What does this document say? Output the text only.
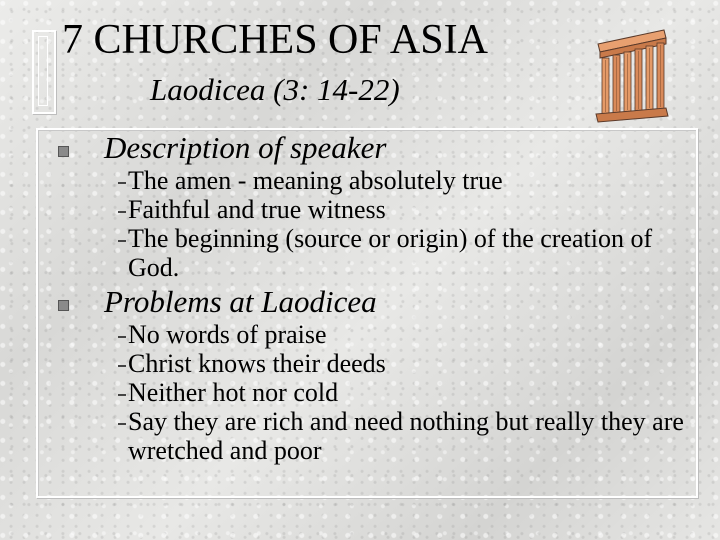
7 CHURCHES OF ASIA
Laodicea (3: 14-22)

Description of speaker

The amen - meaning absolutely true
Faithful and true witness
The beginning (source or origin) of the creation of God.

Problems at Laodicea

No words of praise
Christ knows their deeds
Neither hot nor cold
Say they are rich and need nothing but really they are wretched and poor
